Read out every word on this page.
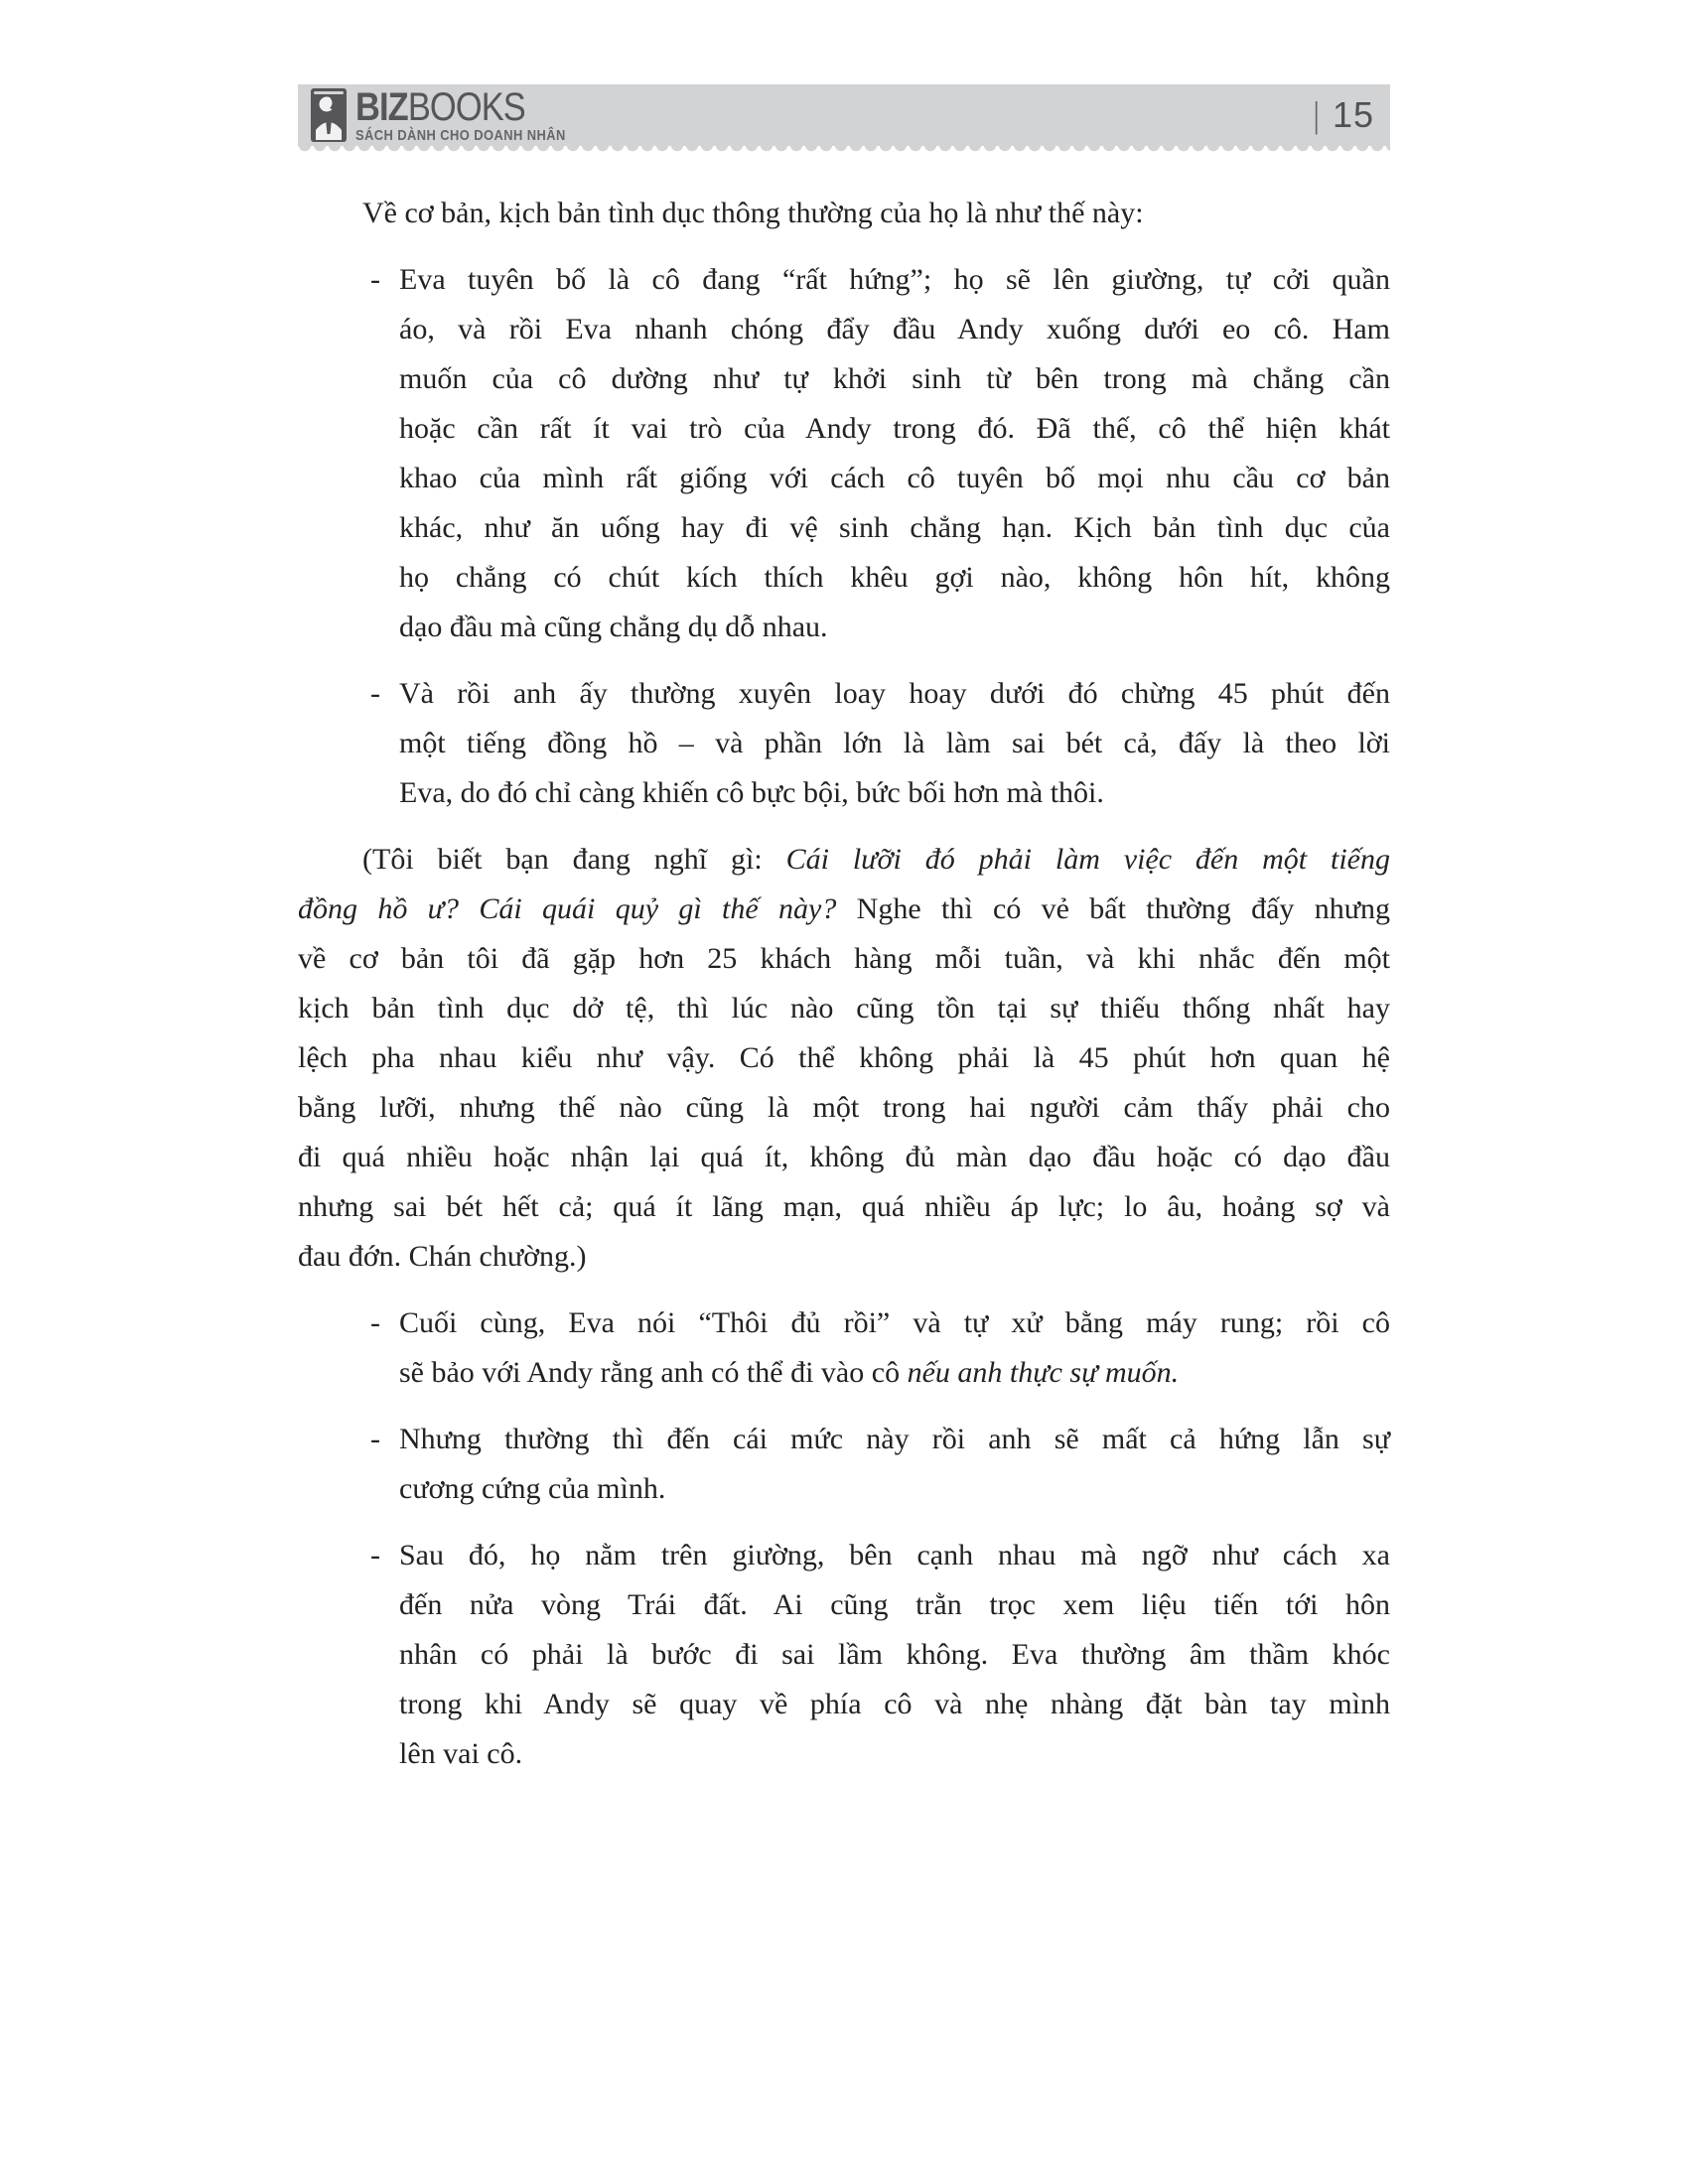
BIZBOOKS
SÁCH DÀNH CHO DOANH NHÂN	| 15
Về cơ bản, kịch bản tình dục thông thường của họ là như thế này:
- Eva tuyên bố là cô đang “rất hứng”; họ sẽ lên giường, tự cởi quần
áo, và rồi Eva nhanh chóng đẩy đầu Andy xuống dưới eo cô. Ham
muốn của cô dường như tự khởi sinh từ bên trong mà chẳng cần
hoặc cần rất ít vai trò của Andy trong đó. Đã thế, cô thể hiện khát
khao của mình rất giống với cách cô tuyên bố mọi nhu cầu cơ bản
khác, như ăn uống hay đi vệ sinh chẳng hạn. Kịch bản tình dục của
họ chẳng có chút kích thích khêu gợi nào, không hôn hít, không
dạo đầu mà cũng chẳng dụ dỗ nhau.
- Và rồi anh ấy thường xuyên loay hoay dưới đó chừng 45 phút đến
một tiếng đồng hồ – và phần lớn là làm sai bét cả, đấy là theo lời
Eva, do đó chỉ càng khiến cô bực bội, bức bối hơn mà thôi.
(Tôi biết bạn đang nghĩ gì: Cái lưỡi đó phải làm việc đến một tiếng
đồng hồ ư? Cái quái quỷ gì thế này? Nghe thì có vẻ bất thường đấy nhưng
về cơ bản tôi đã gặp hơn 25 khách hàng mỗi tuần, và khi nhắc đến một
kịch bản tình dục dở tệ, thì lúc nào cũng tồn tại sự thiếu thống nhất hay
lệch pha nhau kiểu như vậy. Có thể không phải là 45 phút hơn quan hệ
bằng lưỡi, nhưng thế nào cũng là một trong hai người cảm thấy phải cho
đi quá nhiều hoặc nhận lại quá ít, không đủ màn dạo đầu hoặc có dạo đầu
nhưng sai bét hết cả; quá ít lãng mạn, quá nhiều áp lực; lo âu, hoảng sợ và
đau đớn. Chán chường.)
- Cuối cùng, Eva nói “Thôi đủ rồi” và tự xử bằng máy rung; rồi cô
sẽ bảo với Andy rằng anh có thể đi vào cô nếu anh thực sự muốn.
- Nhưng thường thì đến cái mức này rồi anh sẽ mất cả hứng lẫn sự
cương cứng của mình.
- Sau đó, họ nằm trên giường, bên cạnh nhau mà ngỡ như cách xa
đến nửa vòng Trái đất. Ai cũng trằn trọc xem liệu tiến tới hôn
nhân có phải là bước đi sai lầm không. Eva thường âm thầm khóc
trong khi Andy sẽ quay về phía cô và nhẹ nhàng đặt bàn tay mình
lên vai cô.
